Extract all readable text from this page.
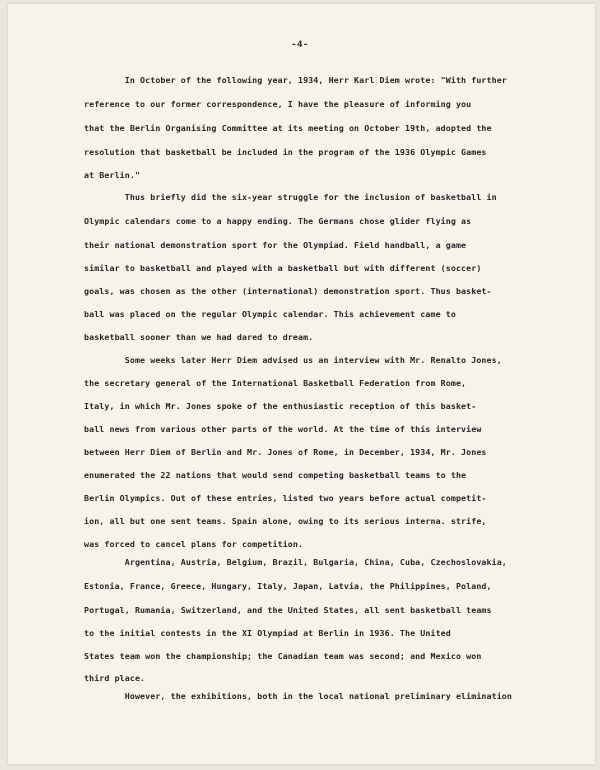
-4-
In October of the following year, 1934, Herr Karl Diem wrote: "With further
reference to our former correspondence, I have the pleasure of informing you
that the Berlin Organising Committee at its meeting on October 19th, adopted the
resolution that basketball be included in the program of the 1936 Olympic Games
at Berlin."
Thus briefly did the six-year struggle for the inclusion of basketball in
Olympic calendars come to a happy ending. The Germans chose glider flying as
their national demonstration sport for the Olympiad. Field handball, a game
similar to basketball and played with a basketball but with different (soccer)
goals, was chosen as the other (international) demonstration sport. Thus basket-
ball was placed on the regular Olympic calendar. This achievement came to
basketball sooner than we had dared to dream.
Some weeks later Herr Diem advised us an interview with Mr. Renalto Jones,
the secretary general of the International Basketball Federation from Rome,
Italy, in which Mr. Jones spoke of the enthusiastic reception of this basket-
ball news from various other parts of the world. At the time of this interview
between Herr Diem of Berlin and Mr. Jones of Rome, in December, 1934, Mr. Jones
enumerated the 22 nations that would send competing basketball teams to the
Berlin Olympics. Out of these entries, listed two years before actual competit-
ion, all but one sent teams. Spain alone, owing to its serious interna. strife,
was forced to cancel plans for competition.
Argentina, Austria, Belgium, Brazil, Bulgaria, China, Cuba, Czechoslovakia,
Estonia, France, Greece, Hungary, Italy, Japan, Latvia, the Philippines, Poland,
Portugal, Rumania, Switzerland, and the United States, all sent basketball teams
to the initial contests in the XI Olympiad at Berlin in 1936. The United
States team won the championship; the Canadian team was second; and Mexico won
third place.
However, the exhibitions, both in the local national preliminary elimination
